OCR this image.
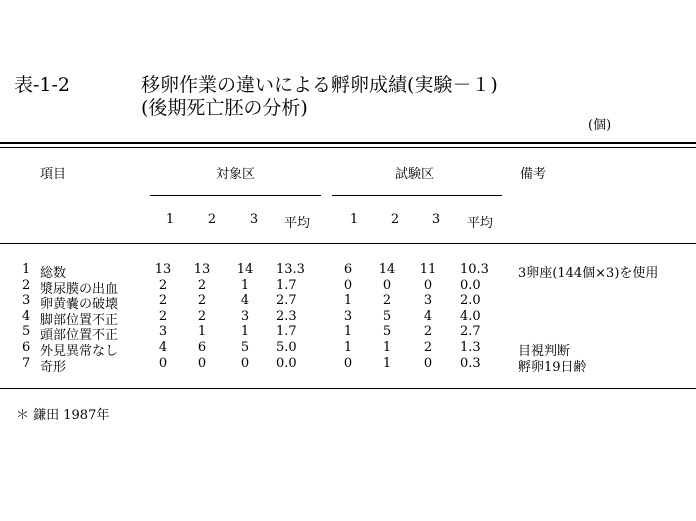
表-1-2	移卵作業の違いによる孵卵成績(実験－１)
(後期死亡胚の分析)
(個)
項目	対象区	試験区	備考
1	2	3	平均	1	2	3	平均
1 総数	13	13	14	13.3	6	14	11	10.3	3卵座(144個×3)を使用
2 漿尿膜の出血	2	2	1	1.7	0	0	0	0.0
3 卵黄嚢の破壊	2	2	4	2.7	1	2	3	2.0
4 脚部位置不正	2	2	3	2.3	3	5	4	4.0
5 頭部位置不正	3	1	1	1.7	1	5	2	2.7
6 外見異常なし	4	6	5	5.0	1	1	2	1.3	目視判断
7 奇形	0	0	0	0.0	0	1	0	0.3	孵卵19日齢
＊ 鎌田 1987年
